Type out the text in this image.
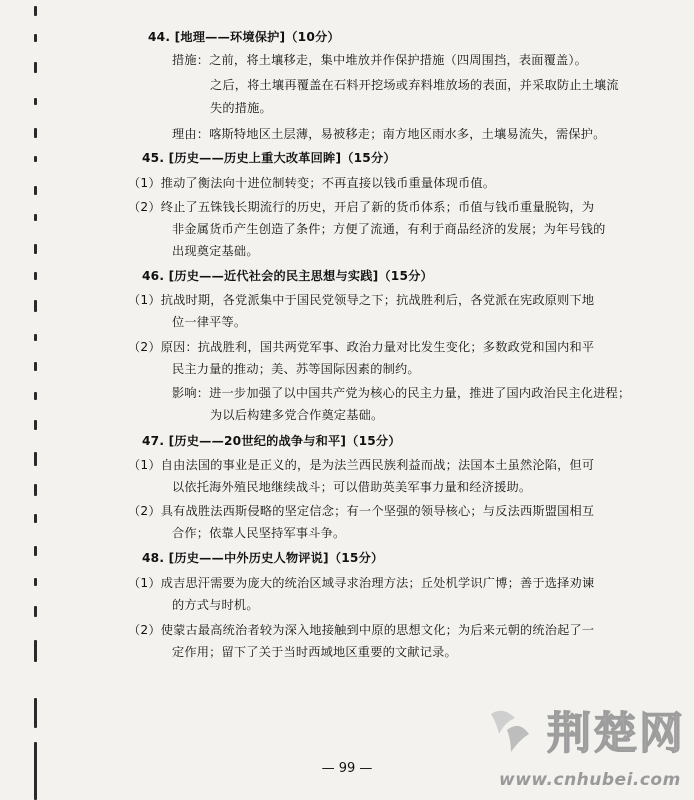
44. [地理——环境保护]（10分）
措施：之前，将土壤移走，集中堆放并作保护措施（四周围挡，表面覆盖）。
之后，将土壤再覆盖在石料开挖场或弃料堆放场的表面，并采取防止土壤流
失的措施。
理由：喀斯特地区土层薄，易被移走；南方地区雨水多，土壤易流失，需保护。
45. [历史——历史上重大改革回眸]（15分）
（1）推动了衡法向十进位制转变；不再直接以钱币重量体现币值。
（2）终止了五铢钱长期流行的历史，开启了新的货币体系；币值与钱币重量脱钩，为
非金属货币产生创造了条件；方便了流通，有利于商品经济的发展；为年号钱的
出现奠定基础。
46. [历史——近代社会的民主思想与实践]（15分）
（1）抗战时期，各党派集中于国民党领导之下；抗战胜利后，各党派在宪政原则下地
位一律平等。
（2）原因：抗战胜利，国共两党军事、政治力量对比发生变化；多数政党和国内和平
民主力量的推动；美、苏等国际因素的制约。
影响：进一步加强了以中国共产党为核心的民主力量，推进了国内政治民主化进程；
为以后构建多党合作奠定基础。
47. [历史——20世纪的战争与和平]（15分）
（1）自由法国的事业是正义的，是为法兰西民族利益而战；法国本土虽然沦陷，但可
以依托海外殖民地继续战斗；可以借助英美军事力量和经济援助。
（2）具有战胜法西斯侵略的坚定信念；有一个坚强的领导核心；与反法西斯盟国相互
合作；依靠人民坚持军事斗争。
48. [历史——中外历史人物评说]（15分）
（1）成吉思汗需要为庞大的统治区域寻求治理方法；丘处机学识广博；善于选择劝谏
的方式与时机。
（2）使蒙古最高统治者较为深入地接触到中原的思想文化；为后来元朝的统治起了一
定作用；留下了关于当时西域地区重要的文献记录。
— 99 —
荆楚网
www.cnhubei.com
